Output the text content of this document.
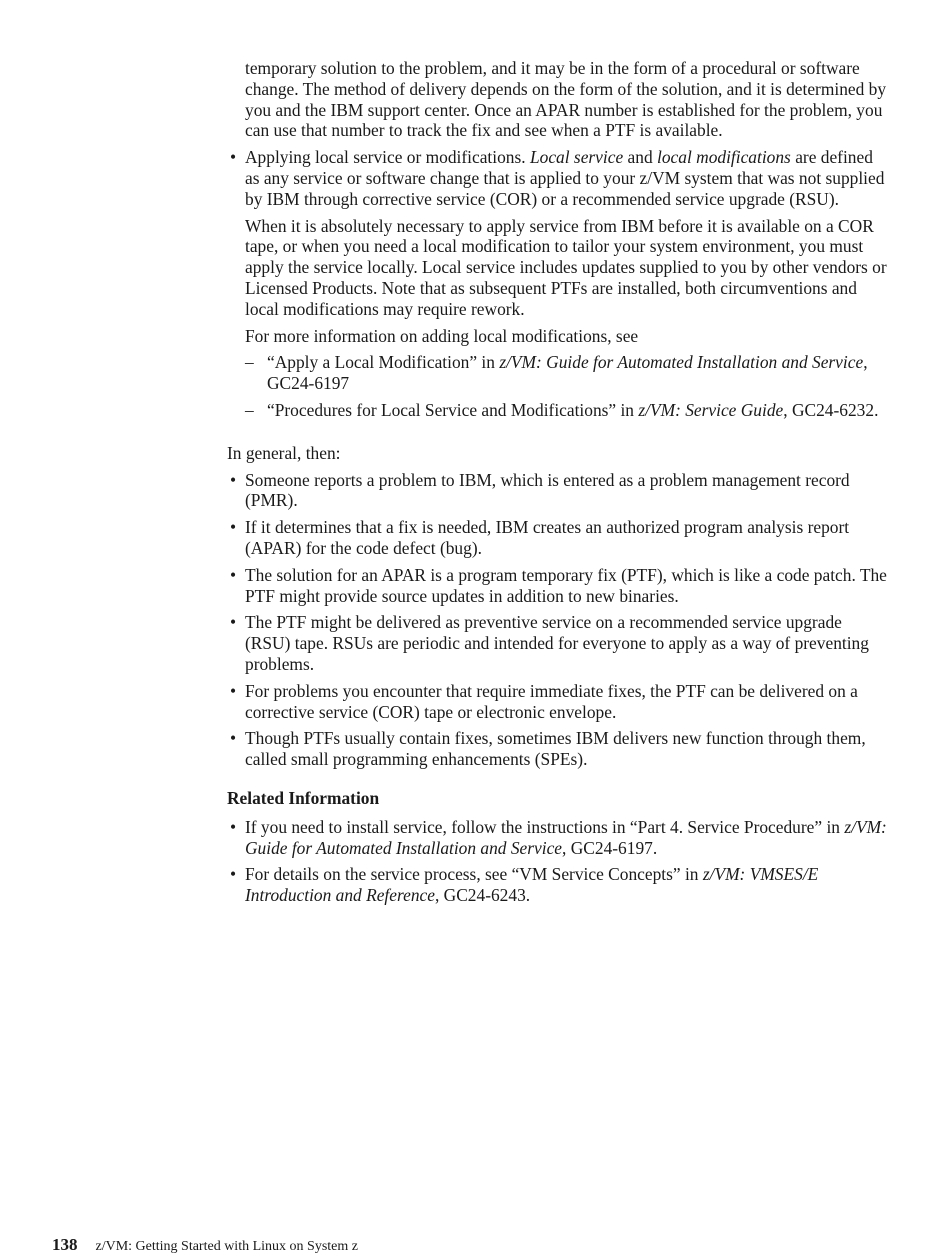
temporary solution to the problem, and it may be in the form of a procedural or software change. The method of delivery depends on the form of the solution, and it is determined by you and the IBM support center. Once an APAR number is established for the problem, you can use that number to track the fix and see when a PTF is available.

• Applying local service or modifications. Local service and local modifications are defined as any service or software change that is applied to your z/VM system that was not supplied by IBM through corrective service (COR) or a recommended service upgrade (RSU).

When it is absolutely necessary to apply service from IBM before it is available on a COR tape, or when you need a local modification to tailor your system environment, you must apply the service locally. Local service includes updates supplied to you by other vendors or Licensed Products. Note that as subsequent PTFs are installed, both circumventions and local modifications may require rework.

For more information on adding local modifications, see

– “Apply a Local Modification” in z/VM: Guide for Automated Installation and Service, GC24-6197
– “Procedures for Local Service and Modifications” in z/VM: Service Guide, GC24-6232.

In general, then:

• Someone reports a problem to IBM, which is entered as a problem management record (PMR).
• If it determines that a fix is needed, IBM creates an authorized program analysis report (APAR) for the code defect (bug).
• The solution for an APAR is a program temporary fix (PTF), which is like a code patch. The PTF might provide source updates in addition to new binaries.
• The PTF might be delivered as preventive service on a recommended service upgrade (RSU) tape. RSUs are periodic and intended for everyone to apply as a way of preventing problems.
• For problems you encounter that require immediate fixes, the PTF can be delivered on a corrective service (COR) tape or electronic envelope.
• Though PTFs usually contain fixes, sometimes IBM delivers new function through them, called small programming enhancements (SPEs).

Related Information

• If you need to install service, follow the instructions in “Part 4. Service Procedure” in z/VM: Guide for Automated Installation and Service, GC24-6197.
• For details on the service process, see “VM Service Concepts” in z/VM: VMSES/E Introduction and Reference, GC24-6243.
138 z/VM: Getting Started with Linux on System z
